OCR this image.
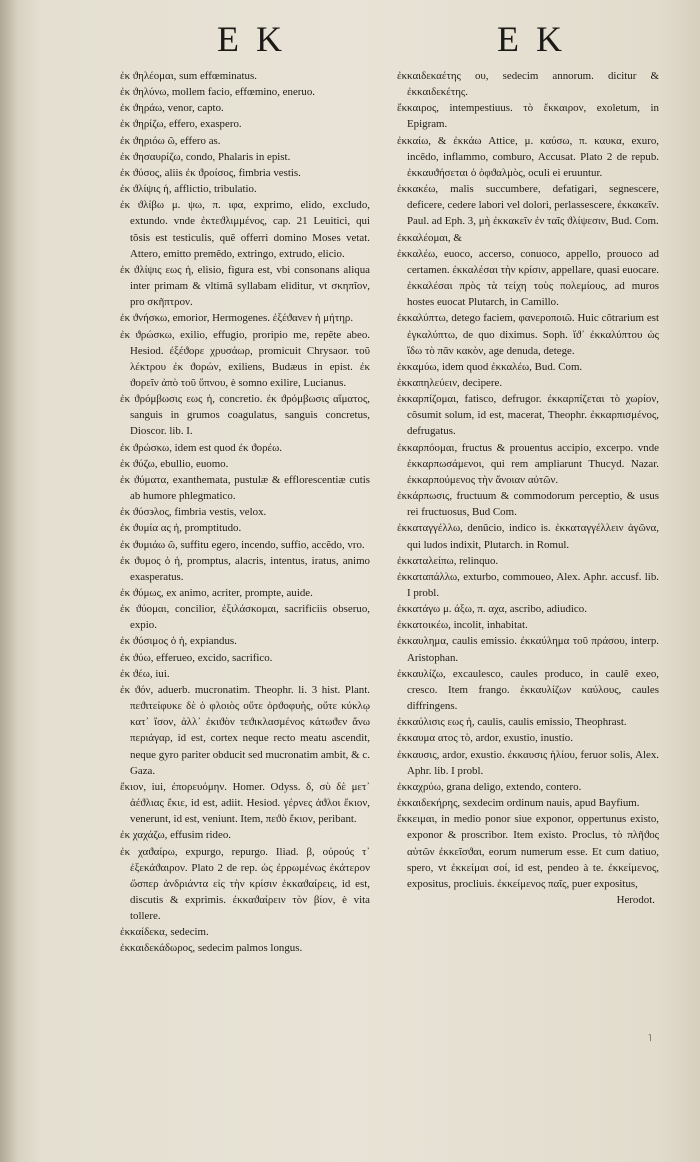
E K	E K

ἐκ ϑηλέομαι, sum effœminatus.

ἐκ ϑηλύνω, mollem facio, effœmino, eneruo.

ἐκ ϑηράω, venor, capto.

ἐκ ϑηρίζω, effero, exaspero.

ἐκ ϑηριόω ῶ, effero as.

ἐκ ϑησαυρίζω, condo, Phalaris in epist.

ἐκ ϑύσος, aliis ἐκ ϑροίσος, fimbria vestis.

ἐκ ϑλίψις ἡ, afflictio, tribulatio.

ἐκ ϑλίβω μ. ψω, π. ιφα, exprimo, elido, excludo, extundo. vnde ἐκτεϑλιμμένος, cap. 21 Leuitici, qui tõsis est testiculis, quẽ offerri domino Moses vetat. Attero, emitto premẽdo, extringo, extrudo, elicio.

ἐκ ϑλίψις εως ἡ, elisio, figura est, vbi consonans aliqua inter primam & vltimã syllabam eliditur, vt σκηπῖον, pro σκῆπτρον.

ἐκ ϑνήσκω, emorior, Hermogenes. ἐξέϑανεν ἡ μήτηρ.

ἐκ ϑρώσκω, exilio, effugio, proripio me, repẽte abeo. Hesiod. ἐξέϑορε χρυσάωρ, promicuit Chrysaor. τοῦ λέκτρου ἐκ ϑορών, exiliens, Budæus in epist. ἐκ ϑορεῖν ἀπὸ τοῦ ὕπνου, è somno exilire, Lucianus.

ἐκ ϑρόμβωσις εως ἡ, concretio. ἐκ ϑρόμβωσις αἵματος, sanguis in grumos coagulatus, sanguis concretus, Dioscor. lib. I.

ἐκ ϑρώσκω, idem est quod ἐκ ϑορέω.

ἐκ ϑύζω, ebullio, euomo.

ἐκ ϑύματα, exanthemata, pustulæ & efflorescentiæ cutis ab humore phlegmatico.

ἐκ ϑύσ϶λος, fimbria vestis, velox.

ἐκ ϑυμία ας ἡ, promptitudo.

ἐκ ϑυμιάω ῶ, suffitu egero, incendo, suffio, accẽdo, vro.

ἐκ ϑυμος ὁ ἡ, promptus, alacris, intentus, iratus, animo exasperatus.

ἐκ ϑύμως, ex animo, acriter, prompte, auide.

ἐκ ϑύομαι, concilior, ἐξιλάσκομαι, sacrificiis obseruo, expio.

ἐκ ϑύσιμος ὁ ἡ, expiandus.

ἐκ ϑύω, efferueo, excido, sacrifico.

ἐκ ϑέω, iui.

ἐκ ϑόν, aduerb. mucronatim. Theophr. li. 3 hist. Plant. πεϑιτείφυκε δὲ ὁ φλοιὸς οὔτε ὀρϑοφυὴς, οὔτε κύκλῳ κατ᾽ ἴσον, ἀλλ᾽ ἐκιϑὸν τεϑικλασμένος κάτωϑεν ἄνω περιάγαρ, id est, cortex neque recto meatu ascendit, neque gyro pariter obducit sed mucronatim ambit, & c. Gaza.

ἔκιον, iui, ἐπορευόμην. Homer. Odyss. δ, σὺ δὲ μετ᾽ ἀέϑλιας ἔκιε, id est, adiit. Hesiod. γέρνες ἀϑλοι ἔκιον, venerunt, id est, veniunt. Item, πεϑὸ ἔκιον, peribant.

ἐκ χαχάζω, effusim rideo.

ἐκ χαϑαίρω, expurgo, repurgo. Iliad. β, οὐρούς τ᾽ ἐξεκάϑαιρον. Plato 2 de rep. ὡς ἐρρωμένως ἐκάτερον ὥσπερ ἀνδριάντα εἰς τὴν κρίσιν ἐκκαϑαίρεις, id est, discutis & exprimis. ἐκκαϑαίρειν τὸν βίον, è vita tollere.

ἐκκαίδεκα, sedecim.

ἐκκαιδεκάδωρος, sedecim palmos longus.

ἐκκαιδεκαέτης ου, sedecim annorum. dicitur & ἐκκαιδεκέτης.

ἔκκαιρος, intempestiuus. τὸ ἔκκαιρον, exoletum, in Epigram.

ἐκκαίω, & ἐκκάω Attice, μ. καύσω, π. καυκα, exuro, incẽdo, inflammo, comburo, Accusat. Plato 2 de repub. ἐκκαυϑήσεται ὁ ὀφϑαλμὸς, oculi ei eruuntur.

ἐκκακέω, malis succumbere, defatigari, segnescere, deficere, cedere labori vel dolori, perlassescere, ἐκκακεῖν. Paul. ad Eph. 3, μὴ ἐκκακεῖν ἐν ταῖς ϑλίψεσιν, Bud. Com.

ἐκκαλέομαι, &

ἐκκαλέω, euoco, accerso, conuoco, appello, prouoco ad certamen. ἐκκαλέσαι τὴν κρίσιν, appellare, quasi euocare. ἐκκαλέσαι πρὸς τὰ τείχη τοὺς πολεμίους, ad muros hostes euocat Plutarch, in Camillo.

ἐκκαλύπτω, detego faciem, φανεροποιῶ. Huic cõtrarium est ἐγκαλύπτω, de quo diximus. Soph. ἴϑ᾽ ἐκκαλύπτου ὡς ἴδω τὸ πᾶν κακὸν, age denuda, detege.

ἐκκαμύω, idem quod ἐκκαλέω, Bud. Com.

ἐκκαπηλεύειν, decipere.

ἐκκαρπίζομαι, fatisco, defrugor. ἐκκαρπίζεται τὸ χωρίον, cõsumit solum, id est, macerat, Theophr. ἐκκαρπισμένος, defrugatus.

ἐκκαρπόομαι, fructus & prouentus accipio, excerpo. vnde ἐκκαρπωσάμενοι, qui rem ampliarunt Thucyd. Nazar. ἐκκαρπούμενος τὴν ἄνοιαν αὐτῶν.

ἐκκάρπωσις, fructuum & commodorum perceptio, & usus rei fructuosus, Bud Com.

ἐκκαταγγέλλω, denũcio, indico is. ἐκκαταγγέλλειν ἀγῶνα, qui ludos indixit, Plutarch. in Romul.

ἐκκαταλείπω, relinquo.

ἐκκαταπάλλω, exturbo, commoueo, Alex. Aphr. accusf. lib. I probl.

ἐκκατάγω μ. άξω, π. αχα, ascribo, adiudico.

ἐκκατοικέω, incolit, inhabitat.

ἐκκαυλημα, caulis emissio. ἐκκαύλημα τοῦ πράσου, interp. Aristophan.

ἐκκαυλίζω, excaulesco, caules produco, in caulẽ exeo, cresco. Item frango. ἐκκαυλίζων καύλους, caules diffringens.

ἐκκαύλισις εως ἡ, caulis, caulis emissio, Theophrast.

ἐκκαυμα ατος τὸ, ardor, exustio, inustio.

ἐκκαυσις, ardor, exustio. ἐκκαυσις ἡλίου, feruor solis, Alex. Aphr. lib. I probl.

ἐκκαχρύω, grana deligo, extendo, contero.

ἐκκαιδεκήρης, sexdecim ordinum nauis, apud Bayfium.

ἔκκειμαι, in medio ponor siue exponor, oppertunus existo, exponor & proscribor. Item existo. Proclus, τὸ πλῆϑος αὐτῶν ἐκκεῖσϑαι, eorum numerum esse. Et cum datiuo, spero, vt ἐκκείμαι σοί, id est, pendeo à te. ἐκκείμενος, expositus, procliuis. ἐκκείμενος παῖς, puer expositus,

Herodot.

˥
